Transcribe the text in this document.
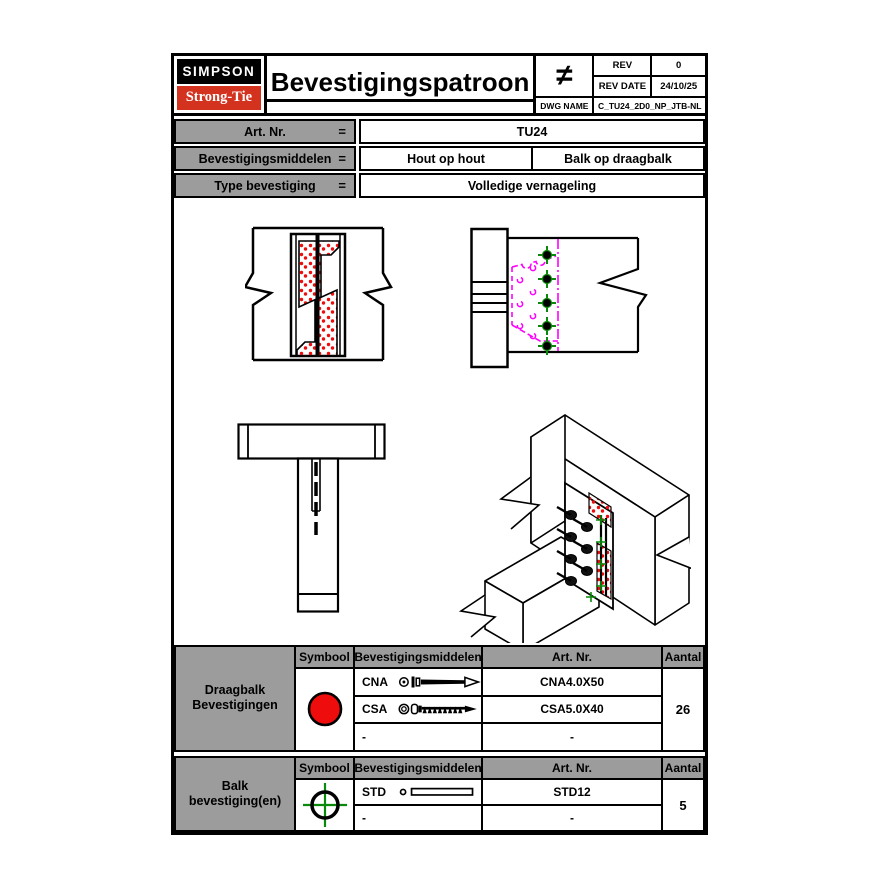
SIMPSON
Strong-Tie
Bevestigingspatroon ≠	REV	0
REV DATE	24/10/25
DWG NAME	C_TU24_2D0_NP_JTB-NL
Art. Nr.	=	TU24
Bevestigingsmiddelen =	Hout op hout	Balk op draagbalk
Type bevestiging =	Volledige vernageling
Draagbalk
Bevestigingen
Symbool Bevestigingsmiddelen	Art. Nr.	Aantal
CNA	CNA4.0X50
CSA	CSA5.0X40
-	-
26
Balk
bevestiging(en)
Symbool Bevestigingsmiddelen	Art. Nr.	Aantal
STD	STD12
-	-
5
